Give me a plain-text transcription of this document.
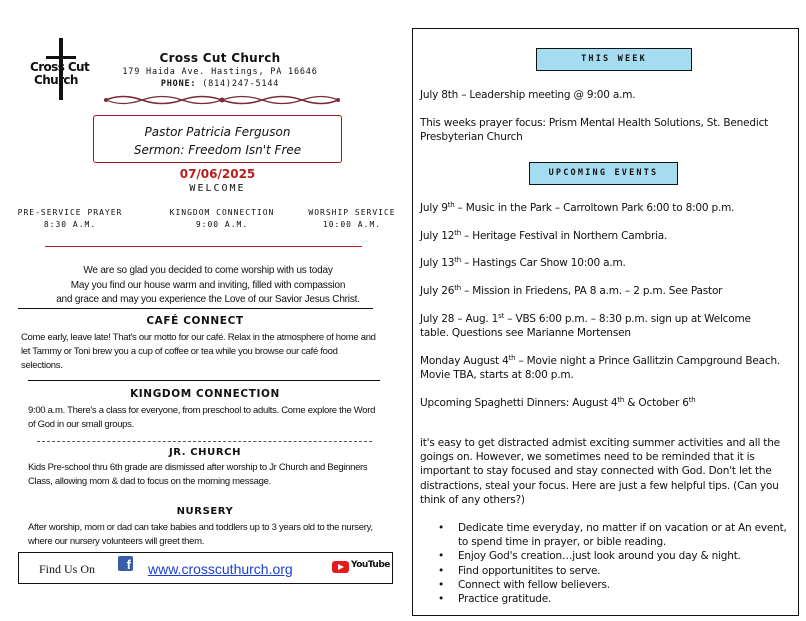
Cross Cut
Church
Cross Cut Church
179 Haida Ave. Hastings, PA 16646
PHONE: (814)247-5144
Pastor Patricia Ferguson
Sermon: Freedom Isn't Free
07/06/2025
WELCOME
PRE-SERVICE PRAYER
8:30 A.M.
KINGDOM CONNECTION
9:00 A.M.
WORSHIP SERVICE
10:00 A.M.
We are so glad you decided to come worship with us today
May you find our house warm and inviting, filled with compassion
and grace and may you experience the Love of our Savior Jesus Christ.
CAFÉ CONNECT
Come early, leave late! That's our motto for our café. Relax in the atmosphere of home and let Tammy or Toni brew you a cup of coffee or tea while you browse our café food selections.
KINGDOM CONNECTION
9:00 a.m. There's a class for everyone, from preschool to adults. Come explore the Word of God in our small groups.
JR. CHURCH
Kids Pre-school thru 6th grade are dismissed after worship to Jr Church and Beginners Class, allowing mom & dad to focus on the morning message.
NURSERY
After worship, mom or dad can take babies and toddlers up to 3 years old to the nursery, where our nursery volunteers will greet them.
Find Us On	f www.crosscuthurch.org	YouTube
THIS WEEK
July 8th – Leadership meeting @ 9:00 a.m.
This weeks prayer focus: Prism Mental Health Solutions, St. Benedict Presbyterian Church
UPCOMING EVENTS
July 9th – Music in the Park – Carroltown Park 6:00 to 8:00 p.m.
July 12th – Heritage Festival in Northern Cambria.
July 13th – Hastings Car Show 10:00 a.m.
July 26th – Mission in Friedens, PA 8 a.m. – 2 p.m. See Pastor
July 28 – Aug. 1st – VBS 6:00 p.m. – 8:30 p.m. sign up at Welcome table. Questions see Marianne Mortensen
Monday August 4th – Movie night a Prince Gallitzin Campground Beach. Movie TBA, starts at 8:00 p.m.
Upcoming Spaghetti Dinners: August 4th & October 6th
it's easy to get distracted admist exciting summer activities and all the goings on. However, we sometimes need to be reminded that it is important to stay focused and stay connected with God. Don't let the distractions, steal your focus. Here are just a few helpful tips. (Can you think of any others?)
• Dedicate time everyday, no matter if on vacation or at An event, to spend time in prayer, or bible reading.
• Enjoy God's creation…just look around you day & night.
• Find opportunitites to serve.
• Connect with fellow believers.
• Practice gratitude.
